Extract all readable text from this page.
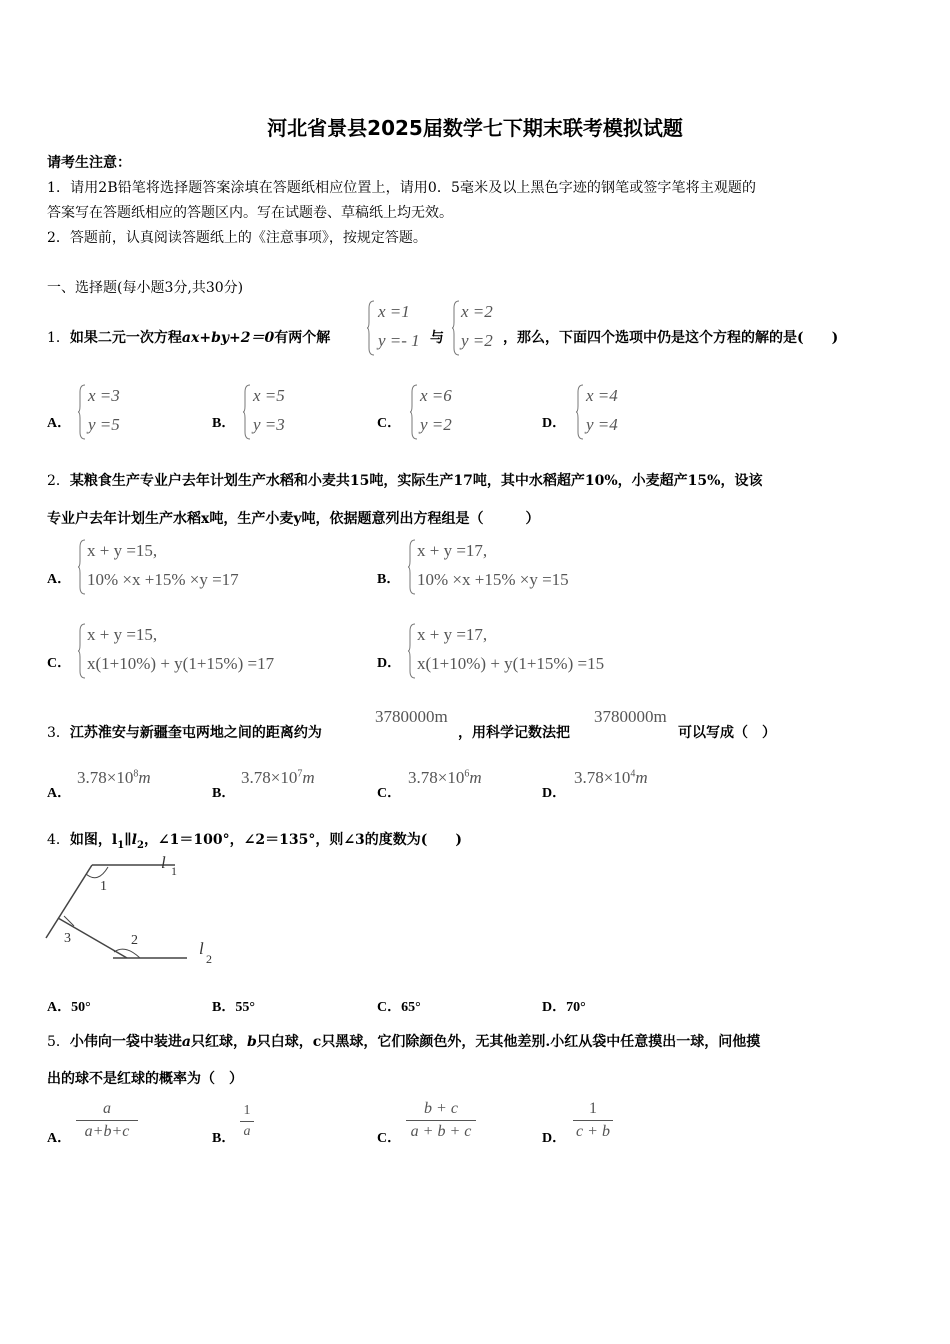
河北省景县2025届数学七下期末联考模拟试题
请考生注意：
1．请用2B铅笔将选择题答案涂填在答题纸相应位置上，请用0．5毫米及以上黑色字迹的钢笔或签字笔将主观题的
答案写在答题纸相应的答题区内。写在试题卷、草稿纸上均无效。
2．答题前，认真阅读答题纸上的《注意事项》，按规定答题。
一、选择题(每小题3分,共30分)
1．如果二元一次方程ax+by+2＝0有两个解
x =1
y =- 1 与
x =2
y =2 ，那么，下面四个选项中仍是这个方程的解的是(　　)
A．
x =3
y =5	B．
x =5
y =3	C．
x =6
y =2	D．
x =4
y =4
2．某粮食生产专业户去年计划生产水稻和小麦共15吨，实际生产17吨，其中水稻超产10%，小麦超产15%，设该
专业户去年计划生产水稻x吨，生产小麦y吨，依据题意列出方程组是（　　　）
A．
x + y =15,
10% ×x +15% ×y =17	B．
x + y =17,
10% ×x +15% ×y =15
C．
x + y =15,
x(1+10%) + y(1+15%) =17	D．
x + y =17,
x(1+10%) + y(1+15%) =15
3．江苏淮安与新疆奎屯两地之间的距离约为
3780000m
，用科学记数法把
3780000m
可以写成（　）
A．
$3.78\times 10^8m$
B．
$3.78\times 10^7m$
C．
$3.78\times 10^6m$
D．
$3.78\times 10^4m$
4．如图，$l_1\parallel l_2$，∠1＝100°，∠2＝135°，则∠3的度数为(　　)
l 1
l
2
1
2
3
A．50°	B．55°	C．65°	D．70°
5．小伟向一袋中装进a只红球，b只白球，c只黑球，它们除颜色外，无其他差别.小红从袋中任意摸出一球，问他摸
出的球不是红球的概率为（　）
A．
a
a+b+c	B．
1
a	C．
b + c
a + b + c	D．
1
c + b
